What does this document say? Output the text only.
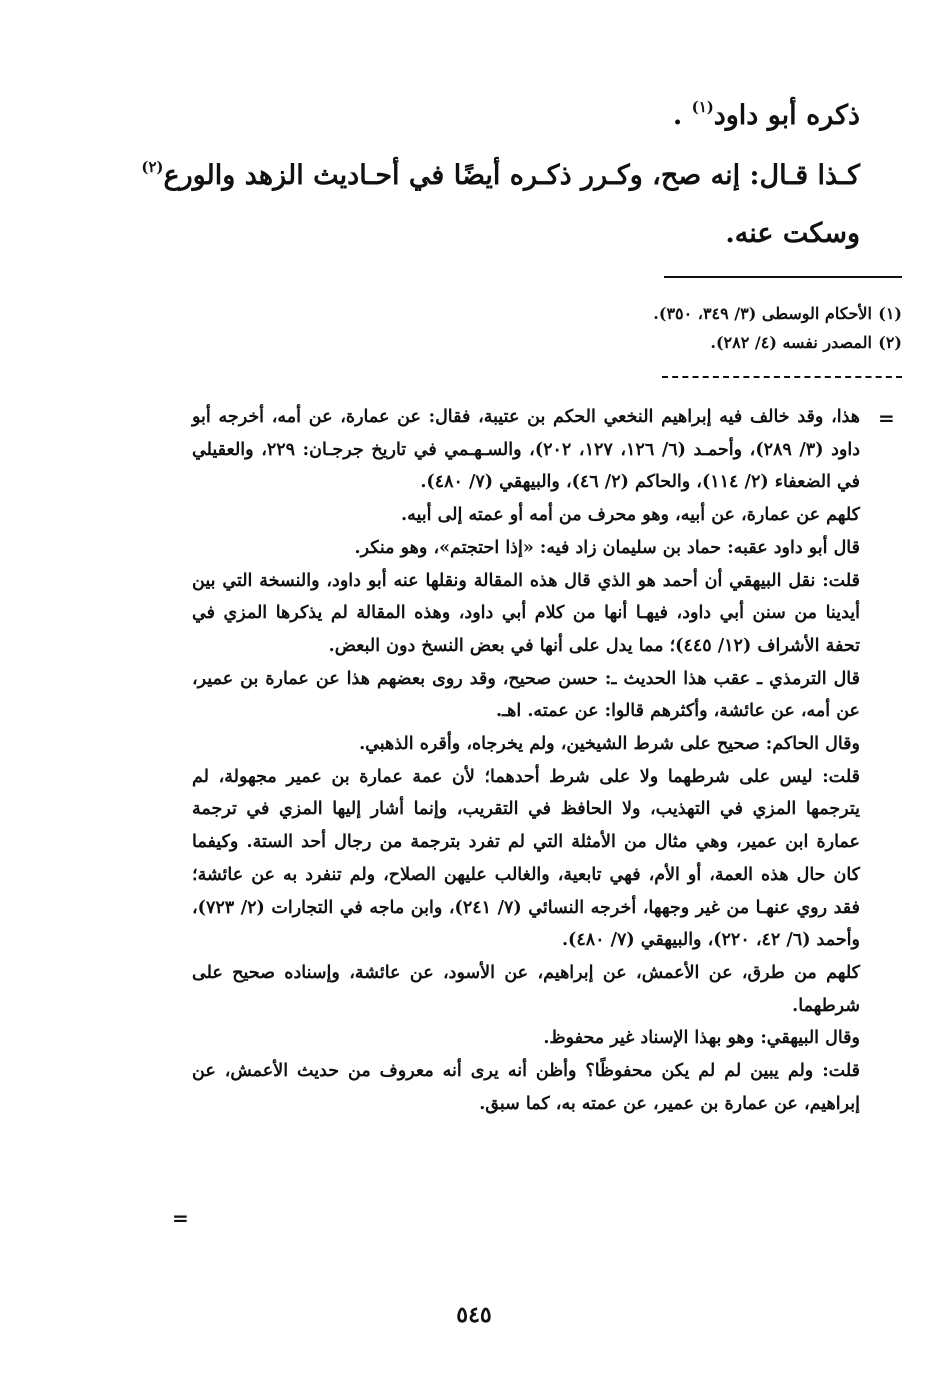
ذكره أبو داود$^{(١)}$ .
كـذا قـال: إنه صح، وكـرر ذكـره أيضًا في أحـاديث الزهد والورع$^{(٢)}$
وسكت عنه.
(١)الأحكام الوسطى (٣/ ٣٤٩، ٣٥٠).
(٢)المصدر نفسه (٤/ ٢٨٢).
=
=

هذا، وقد خالف فيه إبراهيم النخعي الحكم بن عتيبة، فقال: عن عمارة، عن أمه، أخرجه أبو داود (٣/ ٢٨٩)، وأحمـد (٦/ ١٢٦، ١٢٧، ٢٠٢)، والسـهـمي في تاريخ جرجـان: ٢٢٩، والعقيلي في الضعفاء (٢/ ١١٤)، والحاكم (٢/ ٤٦)، والبيهقي (٧/ ٤٨٠).

كلهم عن عمارة، عن أبيه، وهو محرف من أمه أو عمته إلى أبيه.

قال أبو داود عقبه: حماد بن سليمان زاد فيه: «إذا احتجتم»، وهو منكر.

قلت: نقل البيهقي أن أحمد هو الذي قال هذه المقالة ونقلها عنه أبو داود، والنسخة التي بين أيدينا من سنن أبي داود، فيهـا أنها من كلام أبي داود، وهذه المقالة لم يذكرها المزي في تحفة الأشراف (١٢/ ٤٤٥)؛ مما يدل على أنها في بعض النسخ دون البعض.

قال الترمذي ـ عقب هذا الحديث ـ: حسن صحيح، وقد روى بعضهم هذا عن عمارة بن عمير، عن أمه، عن عائشة، وأكثرهم قالوا: عن عمته. اهـ.

وقال الحاكم: صحيح على شرط الشيخين، ولم يخرجاه، وأقره الذهبي.

قلت: ليس على شرطهما ولا على شرط أحدهما؛ لأن عمة عمارة بن عمير مجهولة، لم يترجمها المزي في التهذيب، ولا الحافظ في التقريب، وإنما أشار إليها المزي في ترجمة عمارة ابن عمير، وهي مثال من الأمثلة التي لم تفرد بترجمة من رجال أحد الستة. وكيفما كان حال هذه العمة، أو الأم، فهي تابعية، والغالب عليهن الصلاح، ولم تنفرد به عن عائشة؛ فقد روي عنهـا من غير وجهها، أخرجه النسائي (٧/ ٢٤١)، وابن ماجه في التجارات (٢/ ٧٢٣)، وأحمد (٦/ ٤٢، ٢٢٠)، والبيهقي (٧/ ٤٨٠).

كلهم من طرق، عن الأعمش، عن إبراهيم، عن الأسود، عن عائشة، وإسناده صحيح على شرطهما.

وقال البيهقي: وهو بهذا الإسناد غير محفوظ.

قلت: ولم يبين لم لم يكن محفوظًا؟ وأظن أنه يرى أنه معروف من حديث الأعمش، عن إبراهيم، عن عمارة بن عمير، عن عمته به، كما سبق.

٥٤٥
